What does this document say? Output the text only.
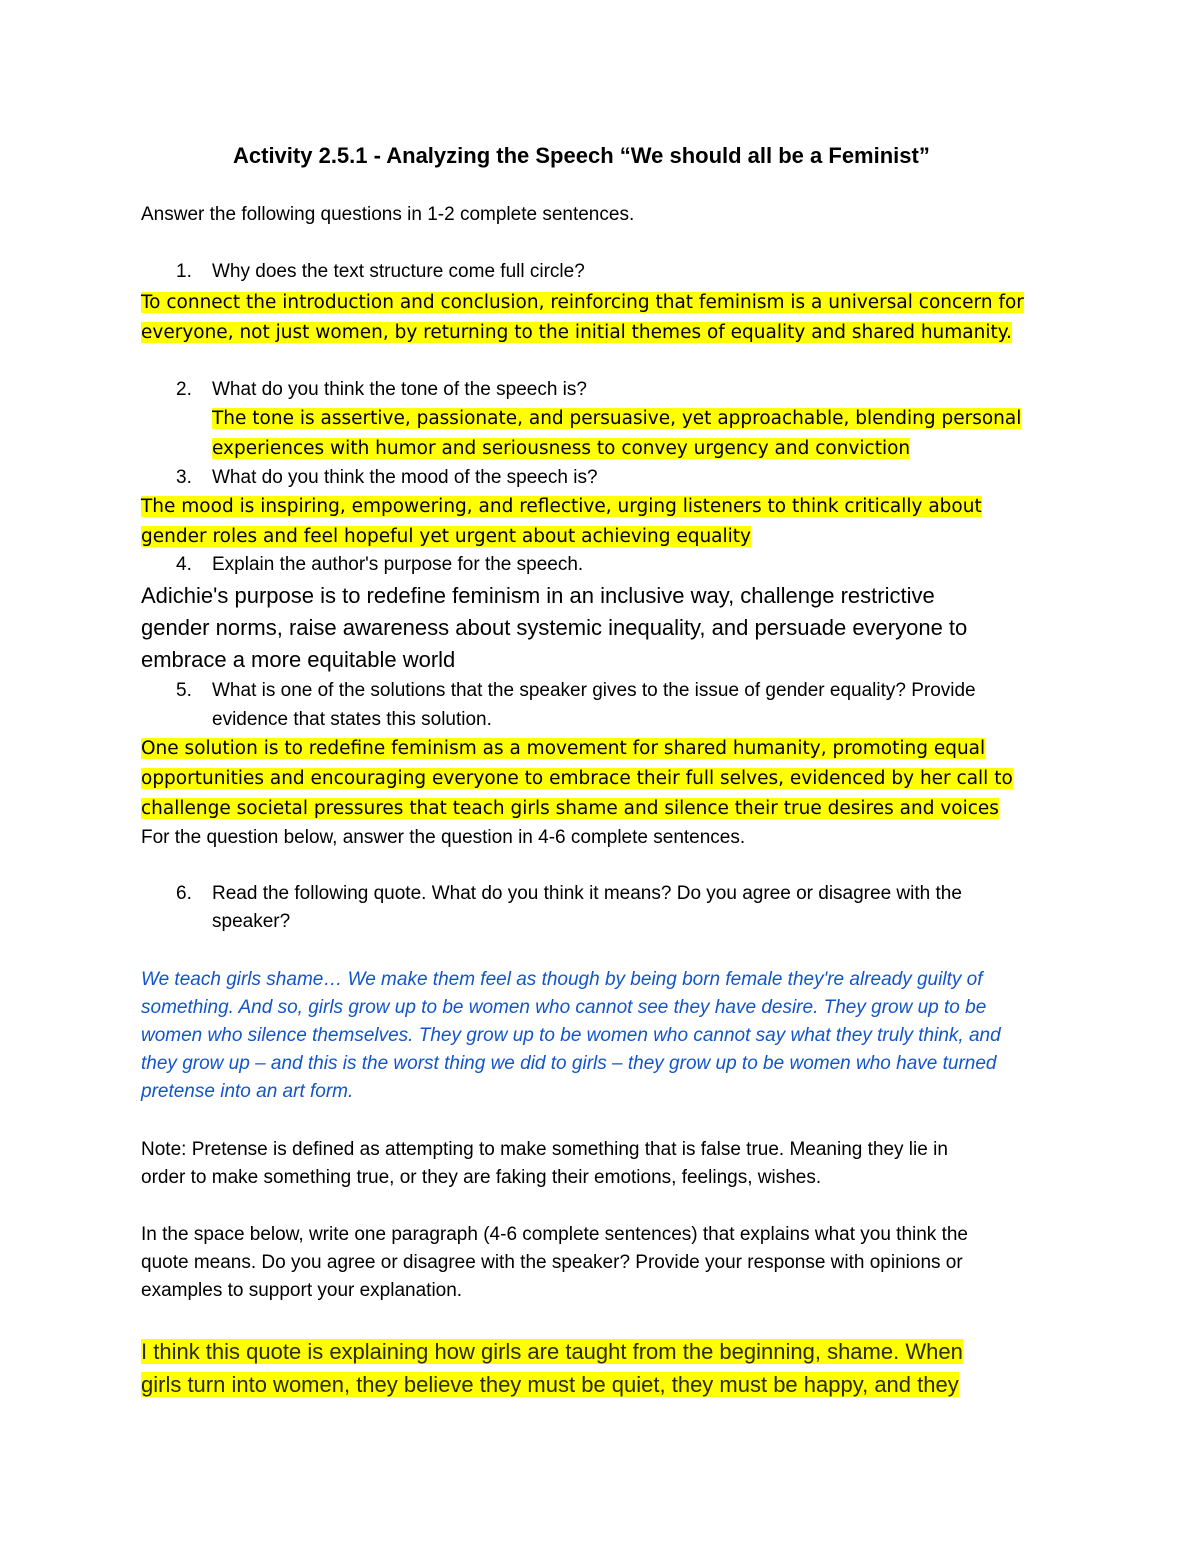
Activity 2.5.1 - Analyzing the Speech “We should all be a Feminist”
Answer the following questions in 1-2 complete sentences.
1. Why does the text structure come full circle?
To connect the introduction and conclusion, reinforcing that feminism is a universal concern for
everyone, not just women, by returning to the initial themes of equality and shared humanity.
2. What do you think the tone of the speech is?
The tone is assertive, passionate, and persuasive, yet approachable, blending personal
experiences with humor and seriousness to convey urgency and conviction
3. What do you think the mood of the speech is?
The mood is inspiring, empowering, and reflective, urging listeners to think critically about
gender roles and feel hopeful yet urgent about achieving equality
4. Explain the author's purpose for the speech.
Adichie's purpose is to redefine feminism in an inclusive way, challenge restrictive
gender norms, raise awareness about systemic inequality, and persuade everyone to
embrace a more equitable world
5. What is one of the solutions that the speaker gives to the issue of gender equality? Provide
evidence that states this solution.
One solution is to redefine feminism as a movement for shared humanity, promoting equal
opportunities and encouraging everyone to embrace their full selves, evidenced by her call to
challenge societal pressures that teach girls shame and silence their true desires and voices
For the question below, answer the question in 4-6 complete sentences.
6. Read the following quote. What do you think it means? Do you agree or disagree with the
speaker?
We teach girls shame… We make them feel as though by being born female they're already guilty of
something. And so, girls grow up to be women who cannot see they have desire. They grow up to be
women who silence themselves. They grow up to be women who cannot say what they truly think, and
they grow up – and this is the worst thing we did to girls – they grow up to be women who have turned
pretense into an art form.
Note: Pretense is defined as attempting to make something that is false true. Meaning they lie in
order to make something true, or they are faking their emotions, feelings, wishes.
In the space below, write one paragraph (4-6 complete sentences) that explains what you think the
quote means. Do you agree or disagree with the speaker? Provide your response with opinions or
examples to support your explanation.
I think this quote is explaining how girls are taught from the beginning, shame. When
girls turn into women, they believe they must be quiet, they must be happy, and they
